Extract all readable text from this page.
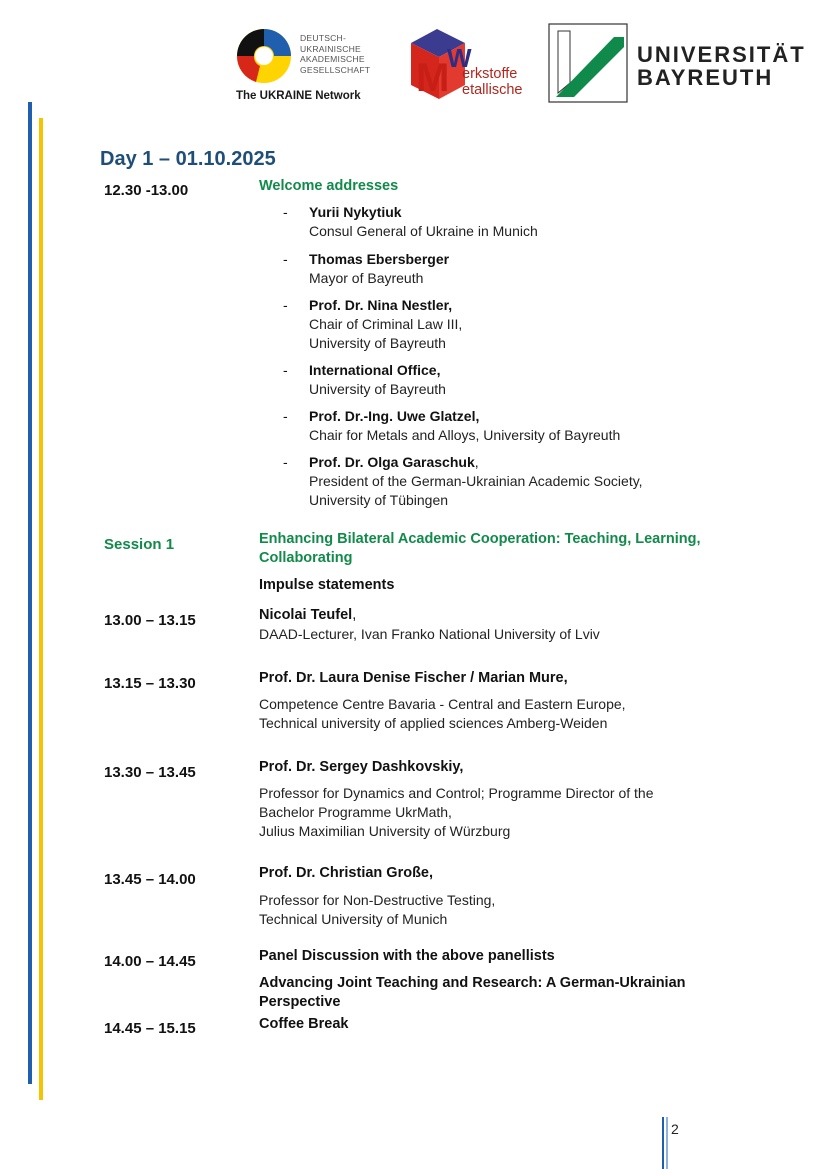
DEUTSCH-
UKRAINISCHE
AKADEMISCHE
GESELLSCHAFT
The UKRAINE Network M
W
erkstoffe
etallische
UNIVERSITÄT
BAYREUTH
Day 1 – 01.10.2025
12.30 -13.00	Welcome addresses
- Yurii Nykytiuk
Consul General of Ukraine in Munich
- Thomas Ebersberger
Mayor of Bayreuth
- Prof. Dr. Nina Nestler,
Chair of Criminal Law III,
University of Bayreuth
- International Office,
University of Bayreuth
- Prof. Dr.-Ing. Uwe Glatzel,
Chair for Metals and Alloys, University of Bayreuth
- Prof. Dr. Olga Garaschuk,
President of the German-Ukrainian Academic Society,
University of Tübingen
Session 1	Enhancing Bilateral Academic Cooperation: Teaching, Learning,
Collaborating
Impulse statements
13.00 – 13.15	Nicolai Teufel,
DAAD-Lecturer, Ivan Franko National University of Lviv
13.15 – 13.30	Prof. Dr. Laura Denise Fischer / Marian Mure,
Competence Centre Bavaria - Central and Eastern Europe,
Technical university of applied sciences Amberg-Weiden
13.30 – 13.45	Prof. Dr. Sergey Dashkovskiy,
Professor for Dynamics and Control; Programme Director of the
Bachelor Programme UkrMath,
Julius Maximilian University of Würzburg
13.45 – 14.00	Prof. Dr. Christian Große,
Professor for Non-Destructive Testing,
Technical University of Munich
14.00 – 14.45	Panel Discussion with the above panellists
Advancing Joint Teaching and Research: A German-Ukrainian
Perspective
14.45 – 15.15	Coffee Break
2
